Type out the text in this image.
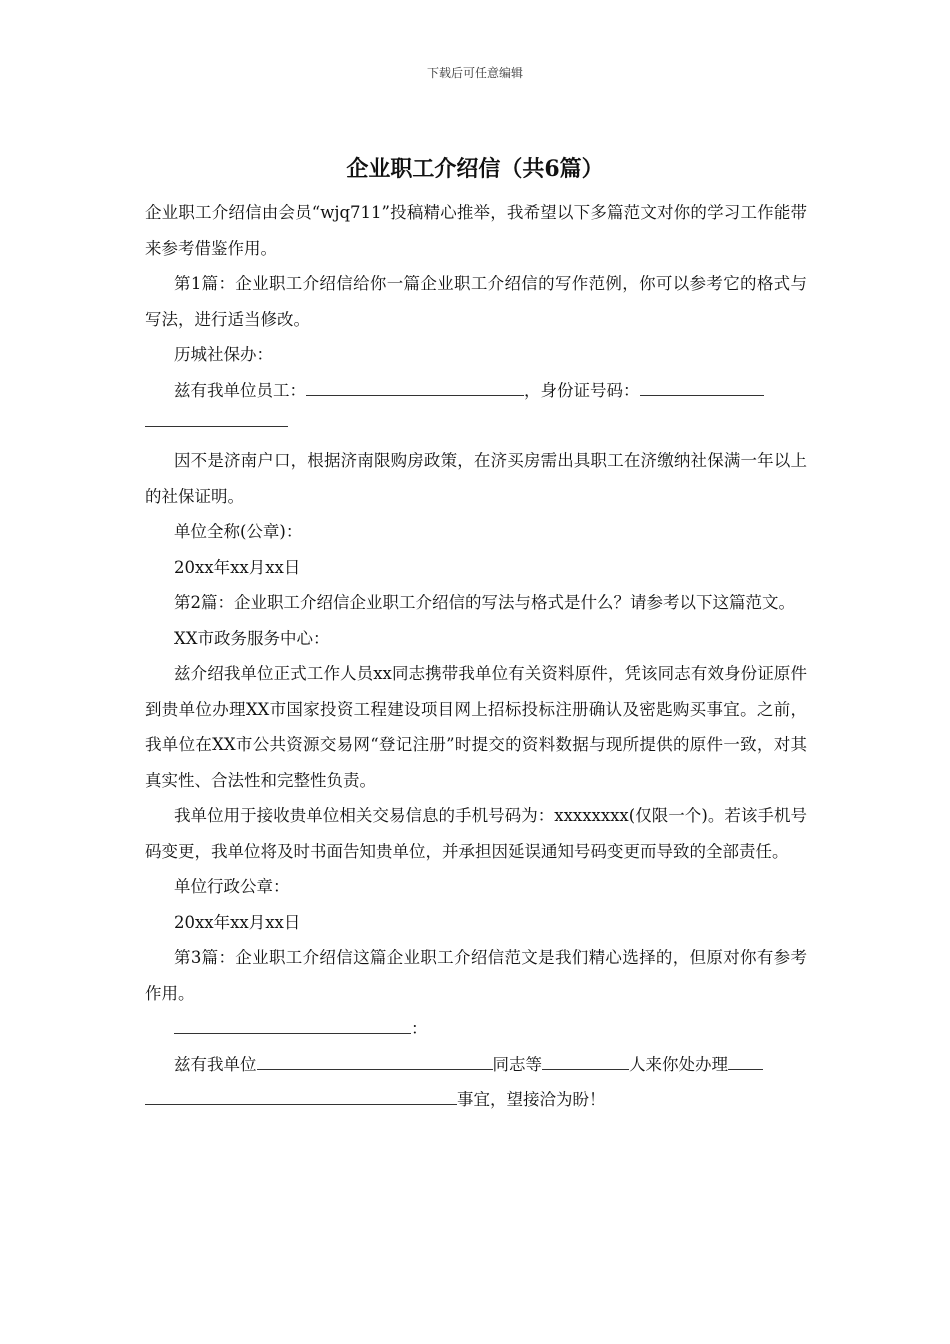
下载后可任意编辑
企业职工介绍信（共6篇）

企业职工介绍信由会员“wjq711”投稿精心推举，我希望以下多篇范文对你的学习工作能带来参考借鉴作用。

第1篇：企业职工介绍信给你一篇企业职工介绍信的写作范例，你可以参考它的格式与写法，进行适当修改。

历城社保办：

兹有我单位员工：	，身份证号码：

因不是济南户口，根据济南限购房政策，在济买房需出具职工在济缴纳社保满一年以上的社保证明。

单位全称(公章)：

20xx年xx月xx日

第2篇：企业职工介绍信企业职工介绍信的写法与格式是什么？请参考以下这篇范文。

XX市政务服务中心：

兹介绍我单位正式工作人员xx同志携带我单位有关资料原件，凭该同志有效身份证原件到贵单位办理XX市国家投资工程建设项目网上招标投标注册确认及密匙购买事宜。之前，我单位在XX市公共资源交易网“登记注册”时提交的资料数据与现所提供的原件一致，对其真实性、合法性和完整性负责。

我单位用于接收贵单位相关交易信息的手机号码为：xxxxxxxx(仅限一个)。若该手机号码变更，我单位将及时书面告知贵单位，并承担因延误通知号码变更而导致的全部责任。

单位行政公章：

20xx年xx月xx日

第3篇：企业职工介绍信这篇企业职工介绍信范文是我们精心选择的，但原对你有参考作用。

：

兹有我单位	同志等	人来你处办理

事宜，望接洽为盼！
